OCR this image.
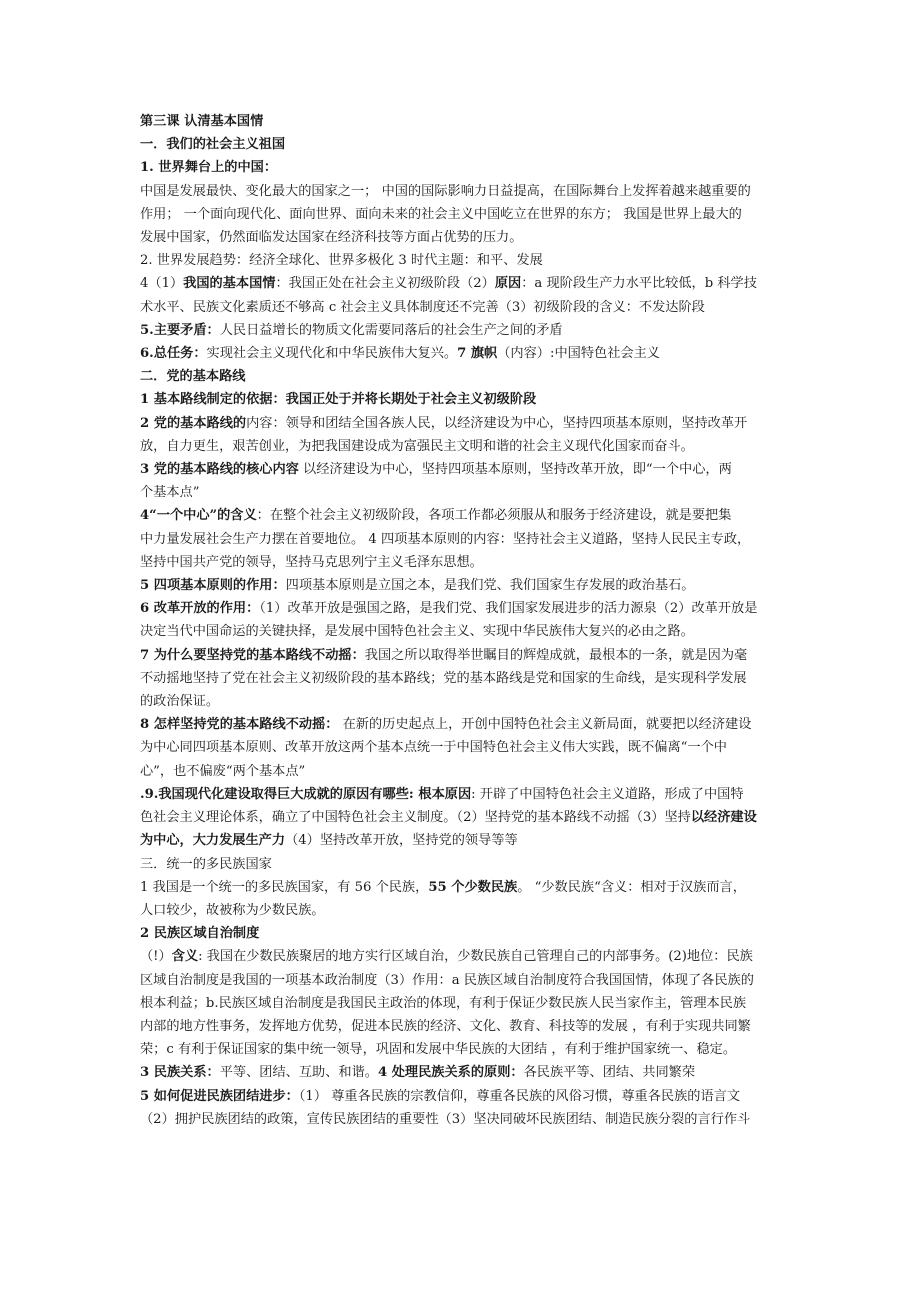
第三课 认清基本国情
一．我们的社会主义祖国
1. 世界舞台上的中国：
中国是发展最快、变化最大的国家之一； 中国的国际影响力日益提高，在国际舞台上发挥着越来越重要的
作用； 一个面向现代化、面向世界、面向未来的社会主义中国屹立在世界的东方； 我国是世界上最大的
发展中国家，仍然面临发达国家在经济科技等方面占优势的压力。
2. 世界发展趋势：经济全球化、世界多极化 3 时代主题：和平、发展
4（1）我国的基本国情：我国正处在社会主义初级阶段（2）原因：a 现阶段生产力水平比较低，b 科学技
术水平、民族文化素质还不够高 c 社会主义具体制度还不完善（3）初级阶段的含义：不发达阶段
5.主要矛盾：人民日益增长的物质文化需要同落后的社会生产之间的矛盾
6.总任务：实现社会主义现代化和中华民族伟大复兴。7 旗帜（内容）:中国特色社会主义
二．党的基本路线
1 基本路线制定的依据：我国正处于并将长期处于社会主义初级阶段
2 党的基本路线的内容：领导和团结全国各族人民，以经济建设为中心，坚持四项基本原则，坚持改革开
放，自力更生，艰苦创业，为把我国建设成为富强民主文明和谐的社会主义现代化国家而奋斗。
3 党的基本路线的核心内容 以经济建设为中心，坚持四项基本原则，坚持改革开放，即“一个中心，两
个基本点”
4“一个中心”的含义：在整个社会主义初级阶段，各项工作都必须服从和服务于经济建设，就是要把集
中力量发展社会生产力摆在首要地位。 4 四项基本原则的内容：坚持社会主义道路，坚持人民民主专政，
坚持中国共产党的领导，坚持马克思列宁主义毛泽东思想。
5 四项基本原则的作用：四项基本原则是立国之本，是我们党、我们国家生存发展的政治基石。
6 改革开放的作用：（1）改革开放是强国之路，是我们党、我们国家发展进步的活力源泉（2）改革开放是
决定当代中国命运的关键抉择，是发展中国特色社会主义、实现中华民族伟大复兴的必由之路。
7 为什么要坚持党的基本路线不动摇：我国之所以取得举世瞩目的辉煌成就，最根本的一条，就是因为毫
不动摇地坚持了党在社会主义初级阶段的基本路线；党的基本路线是党和国家的生命线，是实现科学发展
的政治保证。
8 怎样坚持党的基本路线不动摇： 在新的历史起点上，开创中国特色社会主义新局面，就要把以经济建设
为中心同四项基本原则、改革开放这两个基本点统一于中国特色社会主义伟大实践，既不偏离“一个中
心”，也不偏废“两个基本点”
.9.我国现代化建设取得巨大成就的原因有哪些: 根本原因: 开辟了中国特色社会主义道路，形成了中国特
色社会主义理论体系，确立了中国特色社会主义制度。（2）坚持党的基本路线不动摇（3）坚持以经济建设
为中心，大力发展生产力（4）坚持改革开放，坚持党的领导等等
三．统一的多民族国家
1 我国是一个统一的多民族国家，有 56 个民族，55 个少数民族。 “少数民族“含义：相对于汉族而言，
人口较少，故被称为少数民族。
2 民族区域自治制度
（!）含义: 我国在少数民族聚居的地方实行区域自治，少数民族自己管理自己的内部事务。(2)地位：民族
区域自治制度是我国的一项基本政治制度（3）作用：a 民族区域自治制度符合我国国情，体现了各民族的
根本利益；b.民族区域自治制度是我国民主政治的体现，有利于保证少数民族人民当家作主，管理本民族
内部的地方性事务，发挥地方优势，促进本民族的经济、文化、教育、科技等的发展 ，有利于实现共同繁
荣；c 有利于保证国家的集中统一领导，巩固和发展中华民族的大团结 ，有利于维护国家统一、稳定。
3 民族关系：平等、团结、互助、和谐。4 处理民族关系的原则：各民族平等、团结、共同繁荣
5 如何促进民族团结进步：（1） 尊重各民族的宗教信仰，尊重各民族的风俗习惯，尊重各民族的语言文
（2）拥护民族团结的政策，宣传民族团结的重要性（3）坚决同破坏民族团结、制造民族分裂的言行作斗
